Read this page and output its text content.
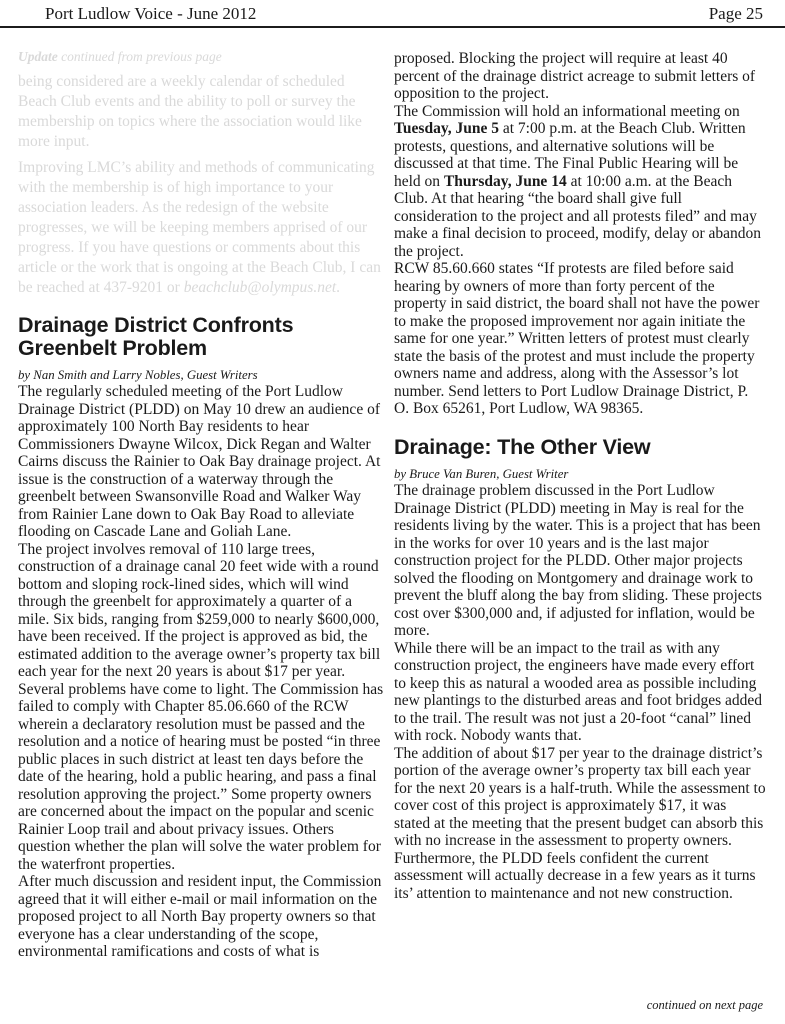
Port Ludlow Voice - June 2012	Page 25
Update continued from previous page

being considered are a weekly calendar of scheduled Beach Club events and the ability to poll or survey the membership on topics where the association would like more input.

Improving LMC’s ability and methods of communicating with the membership is of high importance to your association leaders. As the redesign of the website progresses, we will be keeping members apprised of our progress. If you have questions or comments about this article or the work that is ongoing at the Beach Club, I can be reached at 437-9201 or beachclub@olympus.net.

Drainage District Confronts Greenbelt Problem
by Nan Smith and Larry Nobles, Guest Writers

The regularly scheduled meeting of the Port Ludlow Drainage District (PLDD) on May 10 drew an audience of approximately 100 North Bay residents to hear Commissioners Dwayne Wilcox, Dick Regan and Walter Cairns discuss the Rainier to Oak Bay drainage project. At issue is the construction of a waterway through the greenbelt between Swansonville Road and Walker Way from Rainier Lane down to Oak Bay Road to alleviate flooding on Cascade Lane and Goliah Lane.

The project involves removal of 110 large trees, construction of a drainage canal 20 feet wide with a round bottom and sloping rock-lined sides, which will wind through the greenbelt for approximately a quarter of a mile. Six bids, ranging from $259,000 to nearly $600,000, have been received. If the project is approved as bid, the estimated addition to the average owner’s property tax bill each year for the next 20 years is about $17 per year.

Several problems have come to light. The Commission has failed to comply with Chapter 85.06.660 of the RCW wherein a declaratory resolution must be passed and the resolution and a notice of hearing must be posted “in three public places in such district at least ten days before the date of the hearing, hold a public hearing, and pass a final resolution approving the project.” Some property owners are concerned about the impact on the popular and scenic Rainier Loop trail and about privacy issues. Others question whether the plan will solve the water problem for the waterfront properties.

After much discussion and resident input, the Commission agreed that it will either e-mail or mail information on the proposed project to all North Bay property owners so that everyone has a clear understanding of the scope, environmental ramifications and costs of what is

proposed. Blocking the project will require at least 40 percent of the drainage district acreage to submit letters of opposition to the project.

The Commission will hold an informational meeting on Tuesday, June 5 at 7:00 p.m. at the Beach Club. Written protests, questions, and alternative solutions will be discussed at that time. The Final Public Hearing will be held on Thursday, June 14 at 10:00 a.m. at the Beach Club. At that hearing “the board shall give full consideration to the project and all protests filed” and may make a final decision to proceed, modify, delay or abandon the project.

RCW 85.60.660 states “If protests are filed before said hearing by owners of more than forty percent of the property in said district, the board shall not have the power to make the proposed improvement nor again initiate the same for one year.” Written letters of protest must clearly state the basis of the protest and must include the property owners name and address, along with the Assessor’s lot number. Send letters to Port Ludlow Drainage District, P. O. Box 65261, Port Ludlow, WA 98365.

Drainage: The Other View
by Bruce Van Buren, Guest Writer

The drainage problem discussed in the Port Ludlow Drainage District (PLDD) meeting in May is real for the residents living by the water. This is a project that has been in the works for over 10 years and is the last major construction project for the PLDD. Other major projects solved the flooding on Montgomery and drainage work to prevent the bluff along the bay from sliding. These projects cost over $300,000 and, if adjusted for inflation, would be more.

While there will be an impact to the trail as with any construction project, the engineers have made every effort to keep this as natural a wooded area as possible including new plantings to the disturbed areas and foot bridges added to the trail. The result was not just a 20-foot “canal” lined with rock. Nobody wants that.

The addition of about $17 per year to the drainage district’s portion of the average owner’s property tax bill each year for the next 20 years is a half-truth. While the assessment to cover cost of this project is approximately $17, it was stated at the meeting that the present budget can absorb this with no increase in the assessment to property owners. Furthermore, the PLDD feels confident the current assessment will actually decrease in a few years as it turns its’ attention to maintenance and not new construction.

continued on next page
